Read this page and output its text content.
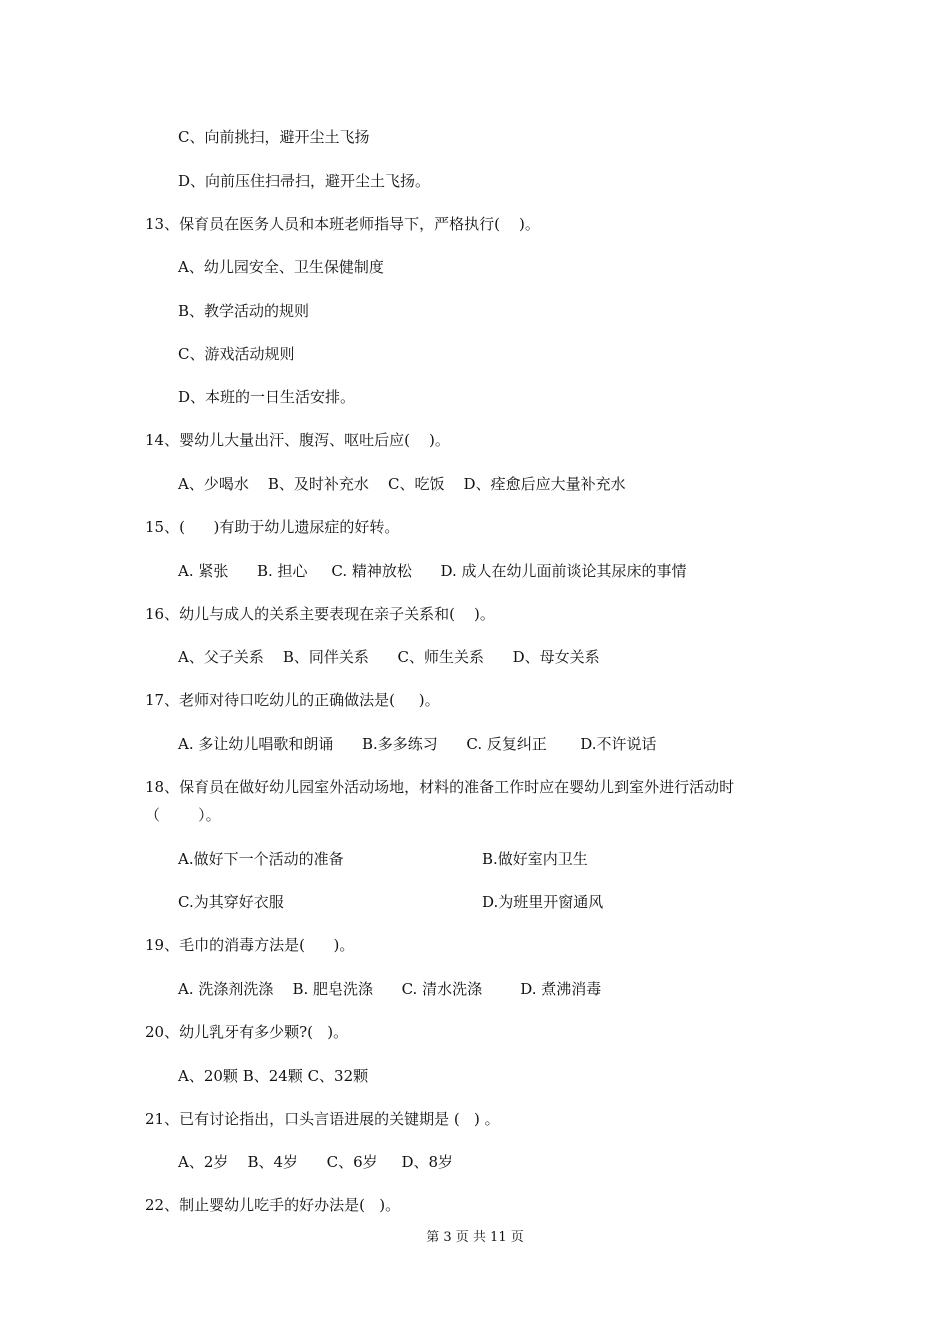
C、向前挑扫，避开尘土飞扬
D、向前压住扫帚扫，避开尘土飞扬。
13、保育员在医务人员和本班老师指导下，严格执行(    )。
A、幼儿园安全、卫生保健制度
B、教学活动的规则
C、游戏活动规则
D、本班的一日生活安排。
14、婴幼儿大量出汗、腹泻、呕吐后应(    )。
A、少喝水    B、及时补充水    C、吃饭    D、痊愈后应大量补充水
15、(      )有助于幼儿遗尿症的好转。
A. 紧张      B. 担心     C. 精神放松      D. 成人在幼儿面前谈论其尿床的事情
16、幼儿与成人的关系主要表现在亲子关系和(    )。
A、父子关系    B、同伴关系      C、师生关系      D、母女关系
17、老师对待口吃幼儿的正确做法是(     )。
A. 多让幼儿唱歌和朗诵      B.多多练习      C. 反复纠正       D.不许说话
18、保育员在做好幼儿园室外活动场地，材料的准备工作时应在婴幼儿到室外进行活动时
（        ）。
A.做好下一个活动的准备	B.做好室内卫生
C.为其穿好衣服	D.为班里开窗通风
19、毛巾的消毒方法是(      )。
A. 洗涤剂洗涤    B. 肥皂洗涤      C. 清水洗涤        D. 煮沸消毒
20、幼儿乳牙有多少颗?(   )。
A、20颗 B、24颗 C、32颗
21、已有讨论指出，口头言语进展的关键期是 (   ) 。
A、2岁    B、4岁      C、6岁     D、8岁
22、制止婴幼儿吃手的好办法是(   )。
第 3 页 共 11 页
